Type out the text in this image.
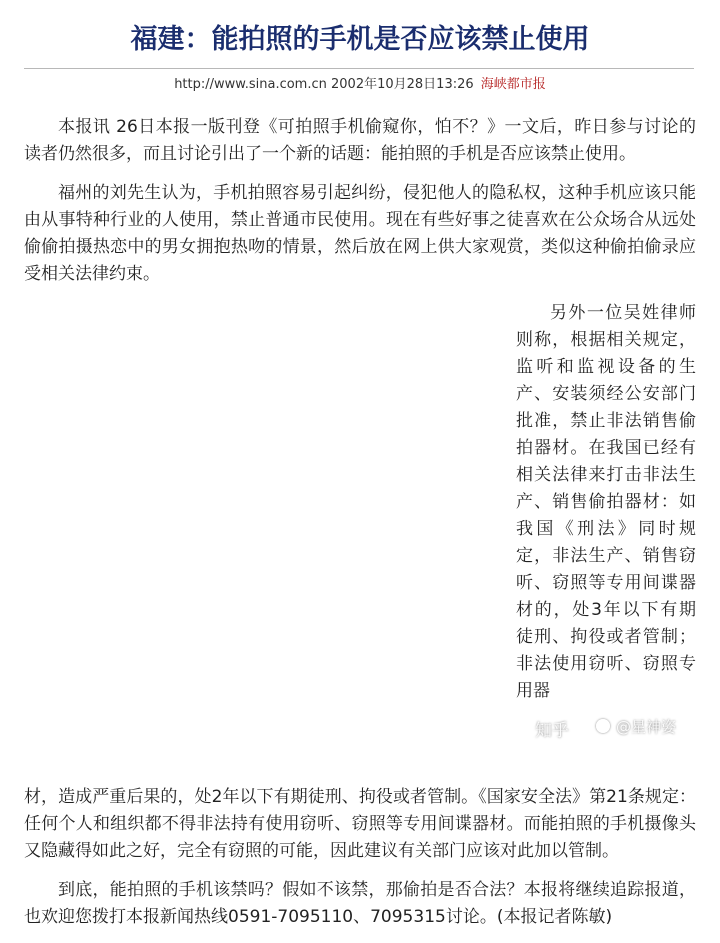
福建：能拍照的手机是否应该禁止使用
http://www.sina.com.cn 2002年10月28日13:26 海峡都市报

本报讯 26日本报一版刊登《可拍照手机偷窥你，怕不？》一文后，昨日参与讨论的读者仍然很多，而且讨论引出了一个新的话题：能拍照的手机是否应该禁止使用。

福州的刘先生认为，手机拍照容易引起纠纷，侵犯他人的隐私权，这种手机应该只能由从事特种行业的人使用，禁止普通市民使用。现在有些好事之徒喜欢在公众场合从远处偷偷拍摄热恋中的男女拥抱热吻的情景，然后放在网上供大家观赏，类似这种偷拍偷录应受相关法律约束。

另外一位吴姓律师则称，根据相关规定，监听和监视设备的生产、安装须经公安部门批准，禁止非法销售偷拍器材。在我国已经有相关法律来打击非法生产、销售偷拍器材：如我国《刑法》同时规定，非法生产、销售窃听、窃照等专用间谍器材的，处3年以下有期徒刑、拘役或者管制；非法使用窃听、窃照专用器

材，造成严重后果的，处2年以下有期徒刑、拘役或者管制。《国家安全法》第21条规定：任何个人和组织都不得非法持有使用窃听、窃照等专用间谍器材。而能拍照的手机摄像头又隐藏得如此之好，完全有窃照的可能，因此建议有关部门应该对此加以管制。

到底，能拍照的手机该禁吗？假如不该禁，那偷拍是否合法？本报将继续追踪报道，也欢迎您拨打本报新闻热线0591-7095110、7095315讨论。(本报记者陈敏)

知乎	@星神姿
